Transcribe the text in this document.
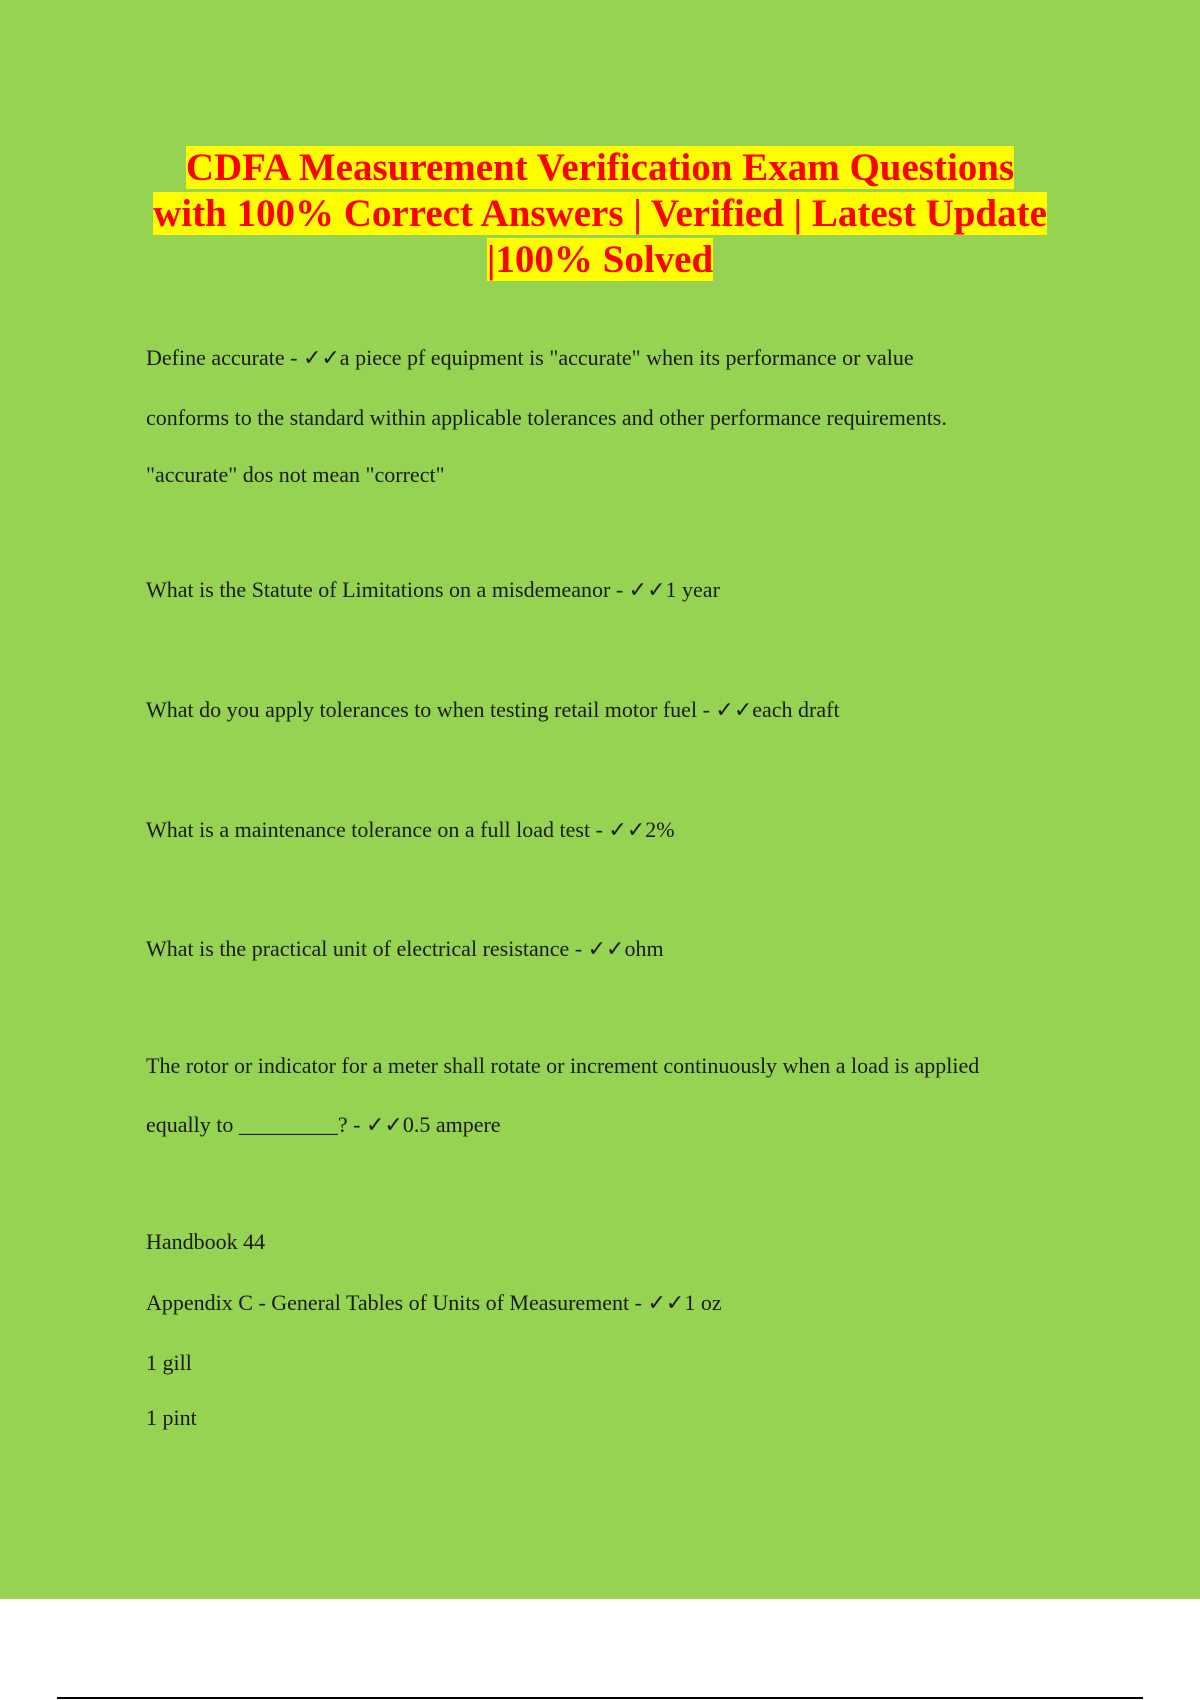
CDFA Measurement Verification Exam Questions
with 100% Correct Answers | Verified | Latest Update
|100% Solved
Define accurate - ✓✓a piece pf equipment is "accurate" when its performance or value
conforms to the standard within applicable tolerances and other performance requirements.
"accurate" dos not mean "correct"
What is the Statute of Limitations on a misdemeanor - ✓✓1 year
What do you apply tolerances to when testing retail motor fuel - ✓✓each draft
What is a maintenance tolerance on a full load test - ✓✓2%
What is the practical unit of electrical resistance - ✓✓ohm
The rotor or indicator for a meter shall rotate or increment continuously when a load is applied
equally to _________? - ✓✓0.5 ampere
Handbook 44
Appendix C - General Tables of Units of Measurement - ✓✓1 oz
1 gill
1 pint
